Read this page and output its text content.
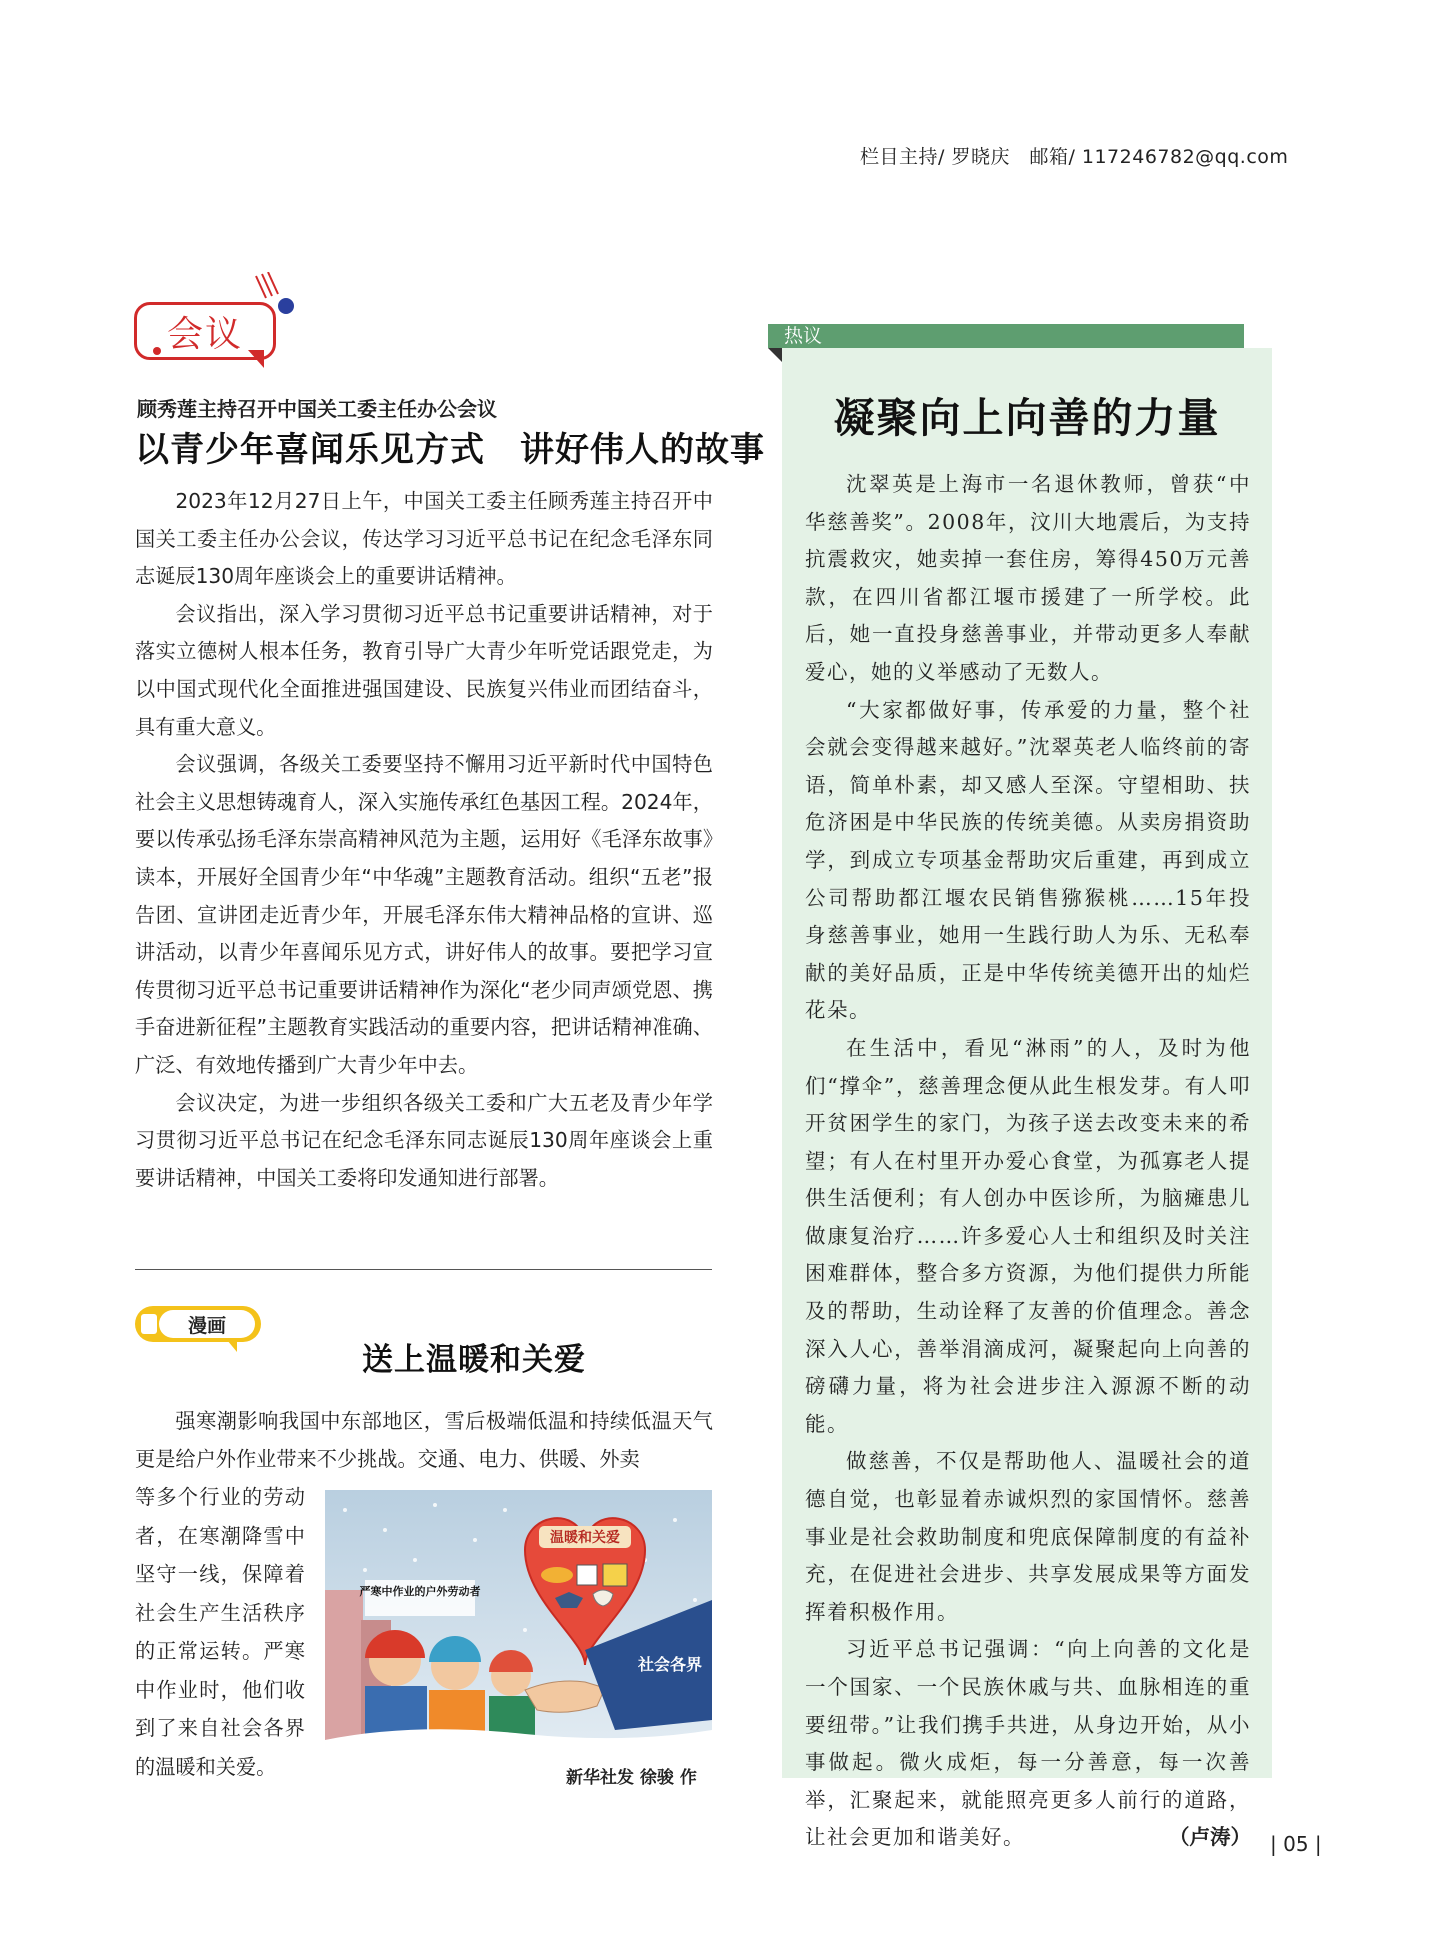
栏目主持/ 罗晓庆　邮箱/ 117246782@qq.com
会议
顾秀莲主持召开中国关工委主任办公会议
以青少年喜闻乐见方式　讲好伟人的故事

2023年12月27日上午，中国关工委主任顾秀莲主持召开中国关工委主任办公会议，传达学习习近平总书记在纪念毛泽东同志诞辰130周年座谈会上的重要讲话精神。

会议指出，深入学习贯彻习近平总书记重要讲话精神，对于落实立德树人根本任务，教育引导广大青少年听党话跟党走，为以中国式现代化全面推进强国建设、民族复兴伟业而团结奋斗，具有重大意义。

会议强调，各级关工委要坚持不懈用习近平新时代中国特色社会主义思想铸魂育人，深入实施传承红色基因工程。2024年，要以传承弘扬毛泽东崇高精神风范为主题，运用好《毛泽东故事》读本，开展好全国青少年“中华魂”主题教育活动。组织“五老”报告团、宣讲团走近青少年，开展毛泽东伟大精神品格的宣讲、巡讲活动，以青少年喜闻乐见方式，讲好伟人的故事。要把学习宣传贯彻习近平总书记重要讲话精神作为深化“老少同声颂党恩、携手奋进新征程”主题教育实践活动的重要内容，把讲话精神准确、广泛、有效地传播到广大青少年中去。

会议决定，为进一步组织各级关工委和广大五老及青少年学习贯彻习近平总书记在纪念毛泽东同志诞辰130周年座谈会上重要讲话精神，中国关工委将印发通知进行部署。

漫画
送上温暖和关爱

强寒潮影响我国中东部地区，雪后极端低温和持续低温天气更是给户外作业带来不少挑战。交通、电力、供暖、外卖

等多个行业的劳动者，在寒潮降雪中坚守一线，保障着社会生产生活秩序的正常运转。严寒中作业时，他们收到了来自社会各界的温暖和关爱。

温暖和关爱
严寒中作业的户外劳动者
社会各界
新华社发 徐骏 作
热议
凝聚向上向善的力量

沈翠英是上海市一名退休教师，曾获“中华慈善奖”。2008年，汶川大地震后，为支持抗震救灾，她卖掉一套住房，筹得450万元善款，在四川省都江堰市援建了一所学校。此后，她一直投身慈善事业，并带动更多人奉献爱心，她的义举感动了无数人。

“大家都做好事，传承爱的力量，整个社会就会变得越来越好。”沈翠英老人临终前的寄语，简单朴素，却又感人至深。守望相助、扶危济困是中华民族的传统美德。从卖房捐资助学，到成立专项基金帮助灾后重建，再到成立公司帮助都江堰农民销售猕猴桃……15年投身慈善事业，她用一生践行助人为乐、无私奉献的美好品质，正是中华传统美德开出的灿烂花朵。

在生活中，看见“淋雨”的人，及时为他们“撑伞”，慈善理念便从此生根发芽。有人叩开贫困学生的家门，为孩子送去改变未来的希望；有人在村里开办爱心食堂，为孤寡老人提供生活便利；有人创办中医诊所，为脑瘫患儿做康复治疗……许多爱心人士和组织及时关注困难群体，整合多方资源，为他们提供力所能及的帮助，生动诠释了友善的价值理念。善念深入人心，善举涓滴成河，凝聚起向上向善的磅礴力量，将为社会进步注入源源不断的动能。

做慈善，不仅是帮助他人、温暖社会的道德自觉，也彰显着赤诚炽烈的家国情怀。慈善事业是社会救助制度和兜底保障制度的有益补充，在促进社会进步、共享发展成果等方面发挥着积极作用。

习近平总书记强调：“向上向善的文化是一个国家、一个民族休戚与共、血脉相连的重要纽带。”让我们携手共进，从身边开始，从小事做起。微火成炬，每一分善意，每一次善举，汇聚起来，就能照亮更多人前行的道路，让社会更加和谐美好。	（卢涛） | 05 |
